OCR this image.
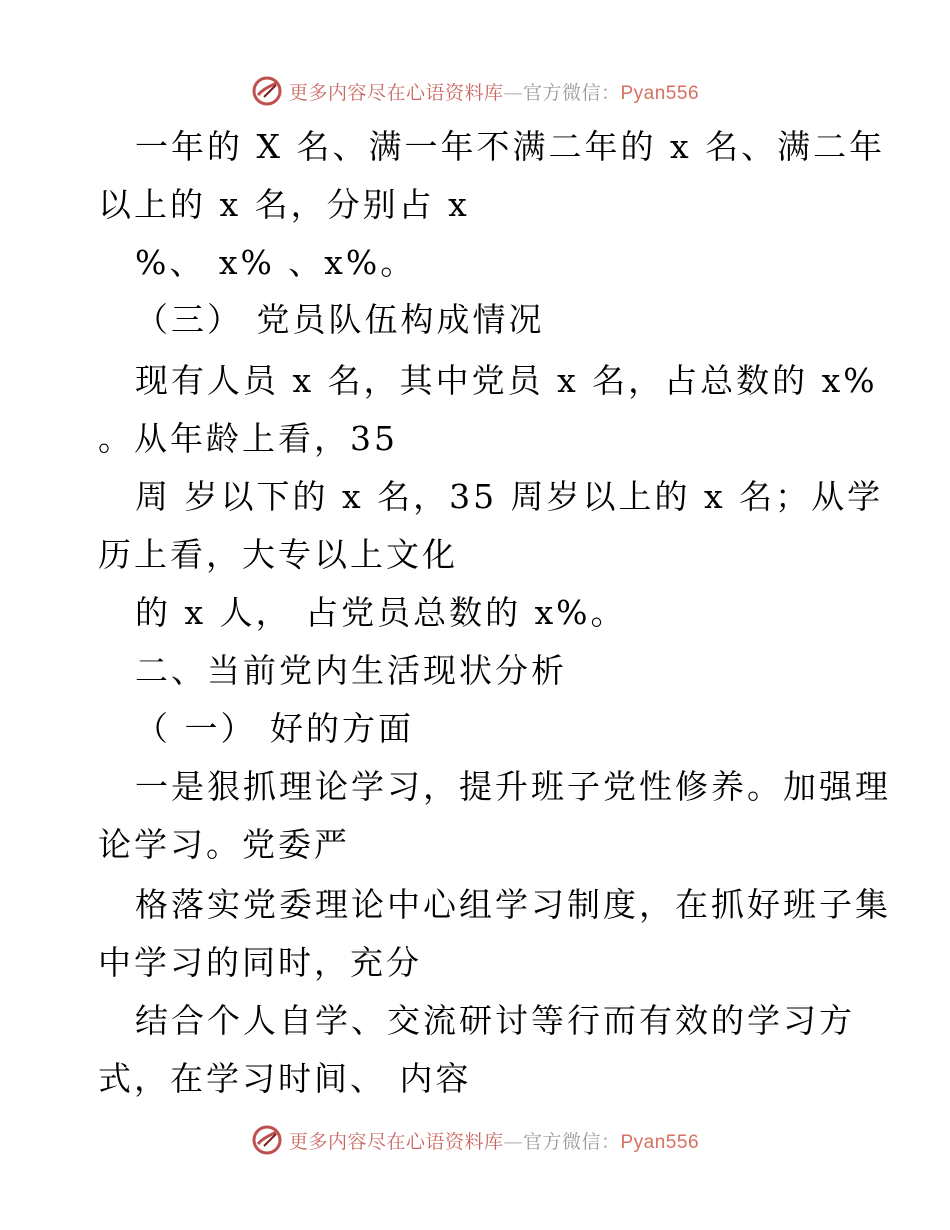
更多内容尽在心语资料库—官方微信：Pyan556
一年的 X 名、满一年不满二年的 x 名、满二年
以上的 x 名，分别占 x
%、 x% 、x%。
（三） 党员队伍构成情况
现有人员 x 名，其中党员 x 名，占总数的 x%
。从年龄上看，35
周 岁以下的 x 名，35 周岁以上的 x 名；从学
历上看，大专以上文化
的 x 人， 占党员总数的 x%。
二、当前党内生活现状分析
（ 一） 好的方面
一是狠抓理论学习，提升班子党性修养。加强理
论学习。党委严
格落实党委理论中心组学习制度，在抓好班子集
中学习的同时，充分
结合个人自学、交流研讨等行而有效的学习方
式，在学习时间、 内容
更多内容尽在心语资料库—官方微信：Pyan556
